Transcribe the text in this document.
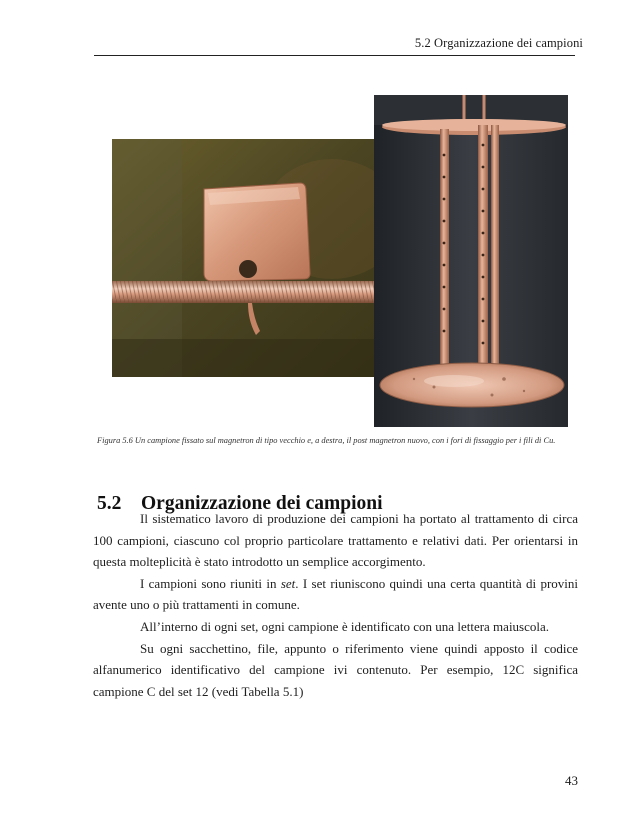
5.2 Organizzazione dei campioni
Figura 5.6 Un campione fissato sul magnetron di tipo vecchio e, a destra, il post magnetron nuovo, con i fori di fissaggio per i fili di Cu.
5.2 Organizzazione dei campioni

Il sistematico lavoro di produzione dei campioni ha portato al trattamento di circa 100 campioni, ciascuno col proprio particolare trattamento e relativi dati. Per orientarsi in questa molteplicità è stato introdotto un semplice accorgimento.

I campioni sono riuniti in set. I set riuniscono quindi una certa quantità di provini avente uno o più trattamenti in comune.

All’interno di ogni set, ogni campione è identificato con una lettera maiuscola.

Su ogni sacchettino, file, appunto o riferimento viene quindi apposto il codice alfanumerico identificativo del campione ivi contenuto. Per esempio, 12C significa campione C del set 12 (vedi Tabella 5.1)

43
